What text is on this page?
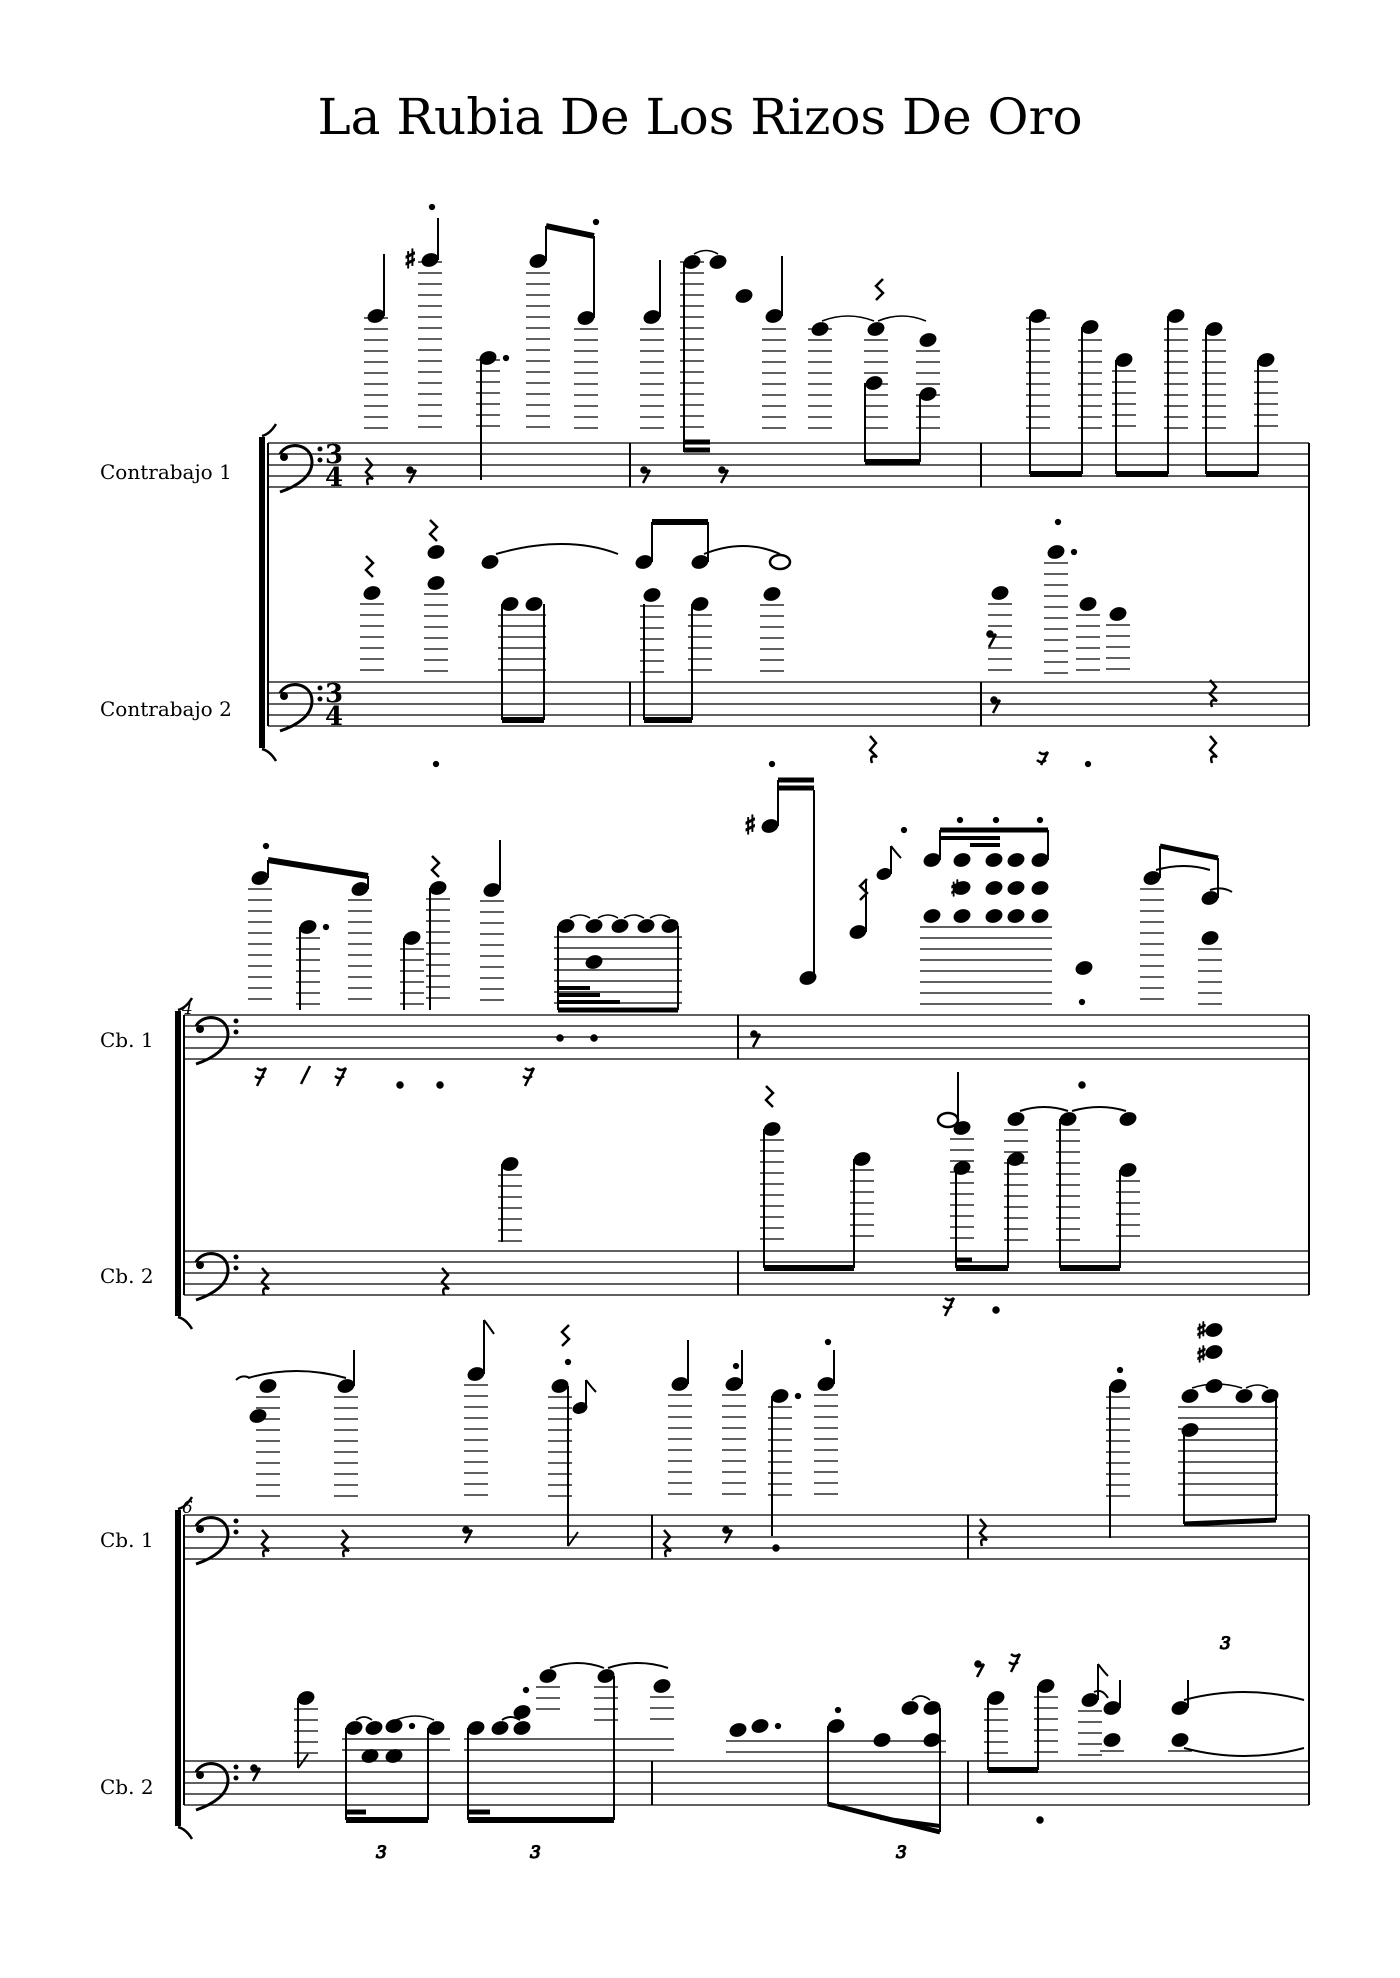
La Rubia De Los Rizos De Oro
Contrabajo 1
Contrabajo 2
3
4
3
4
♯
4
Cb. 1
Cb. 2
♯
♯
6
Cb. 1
Cb. 2
♯
♯
3	3	3
3
